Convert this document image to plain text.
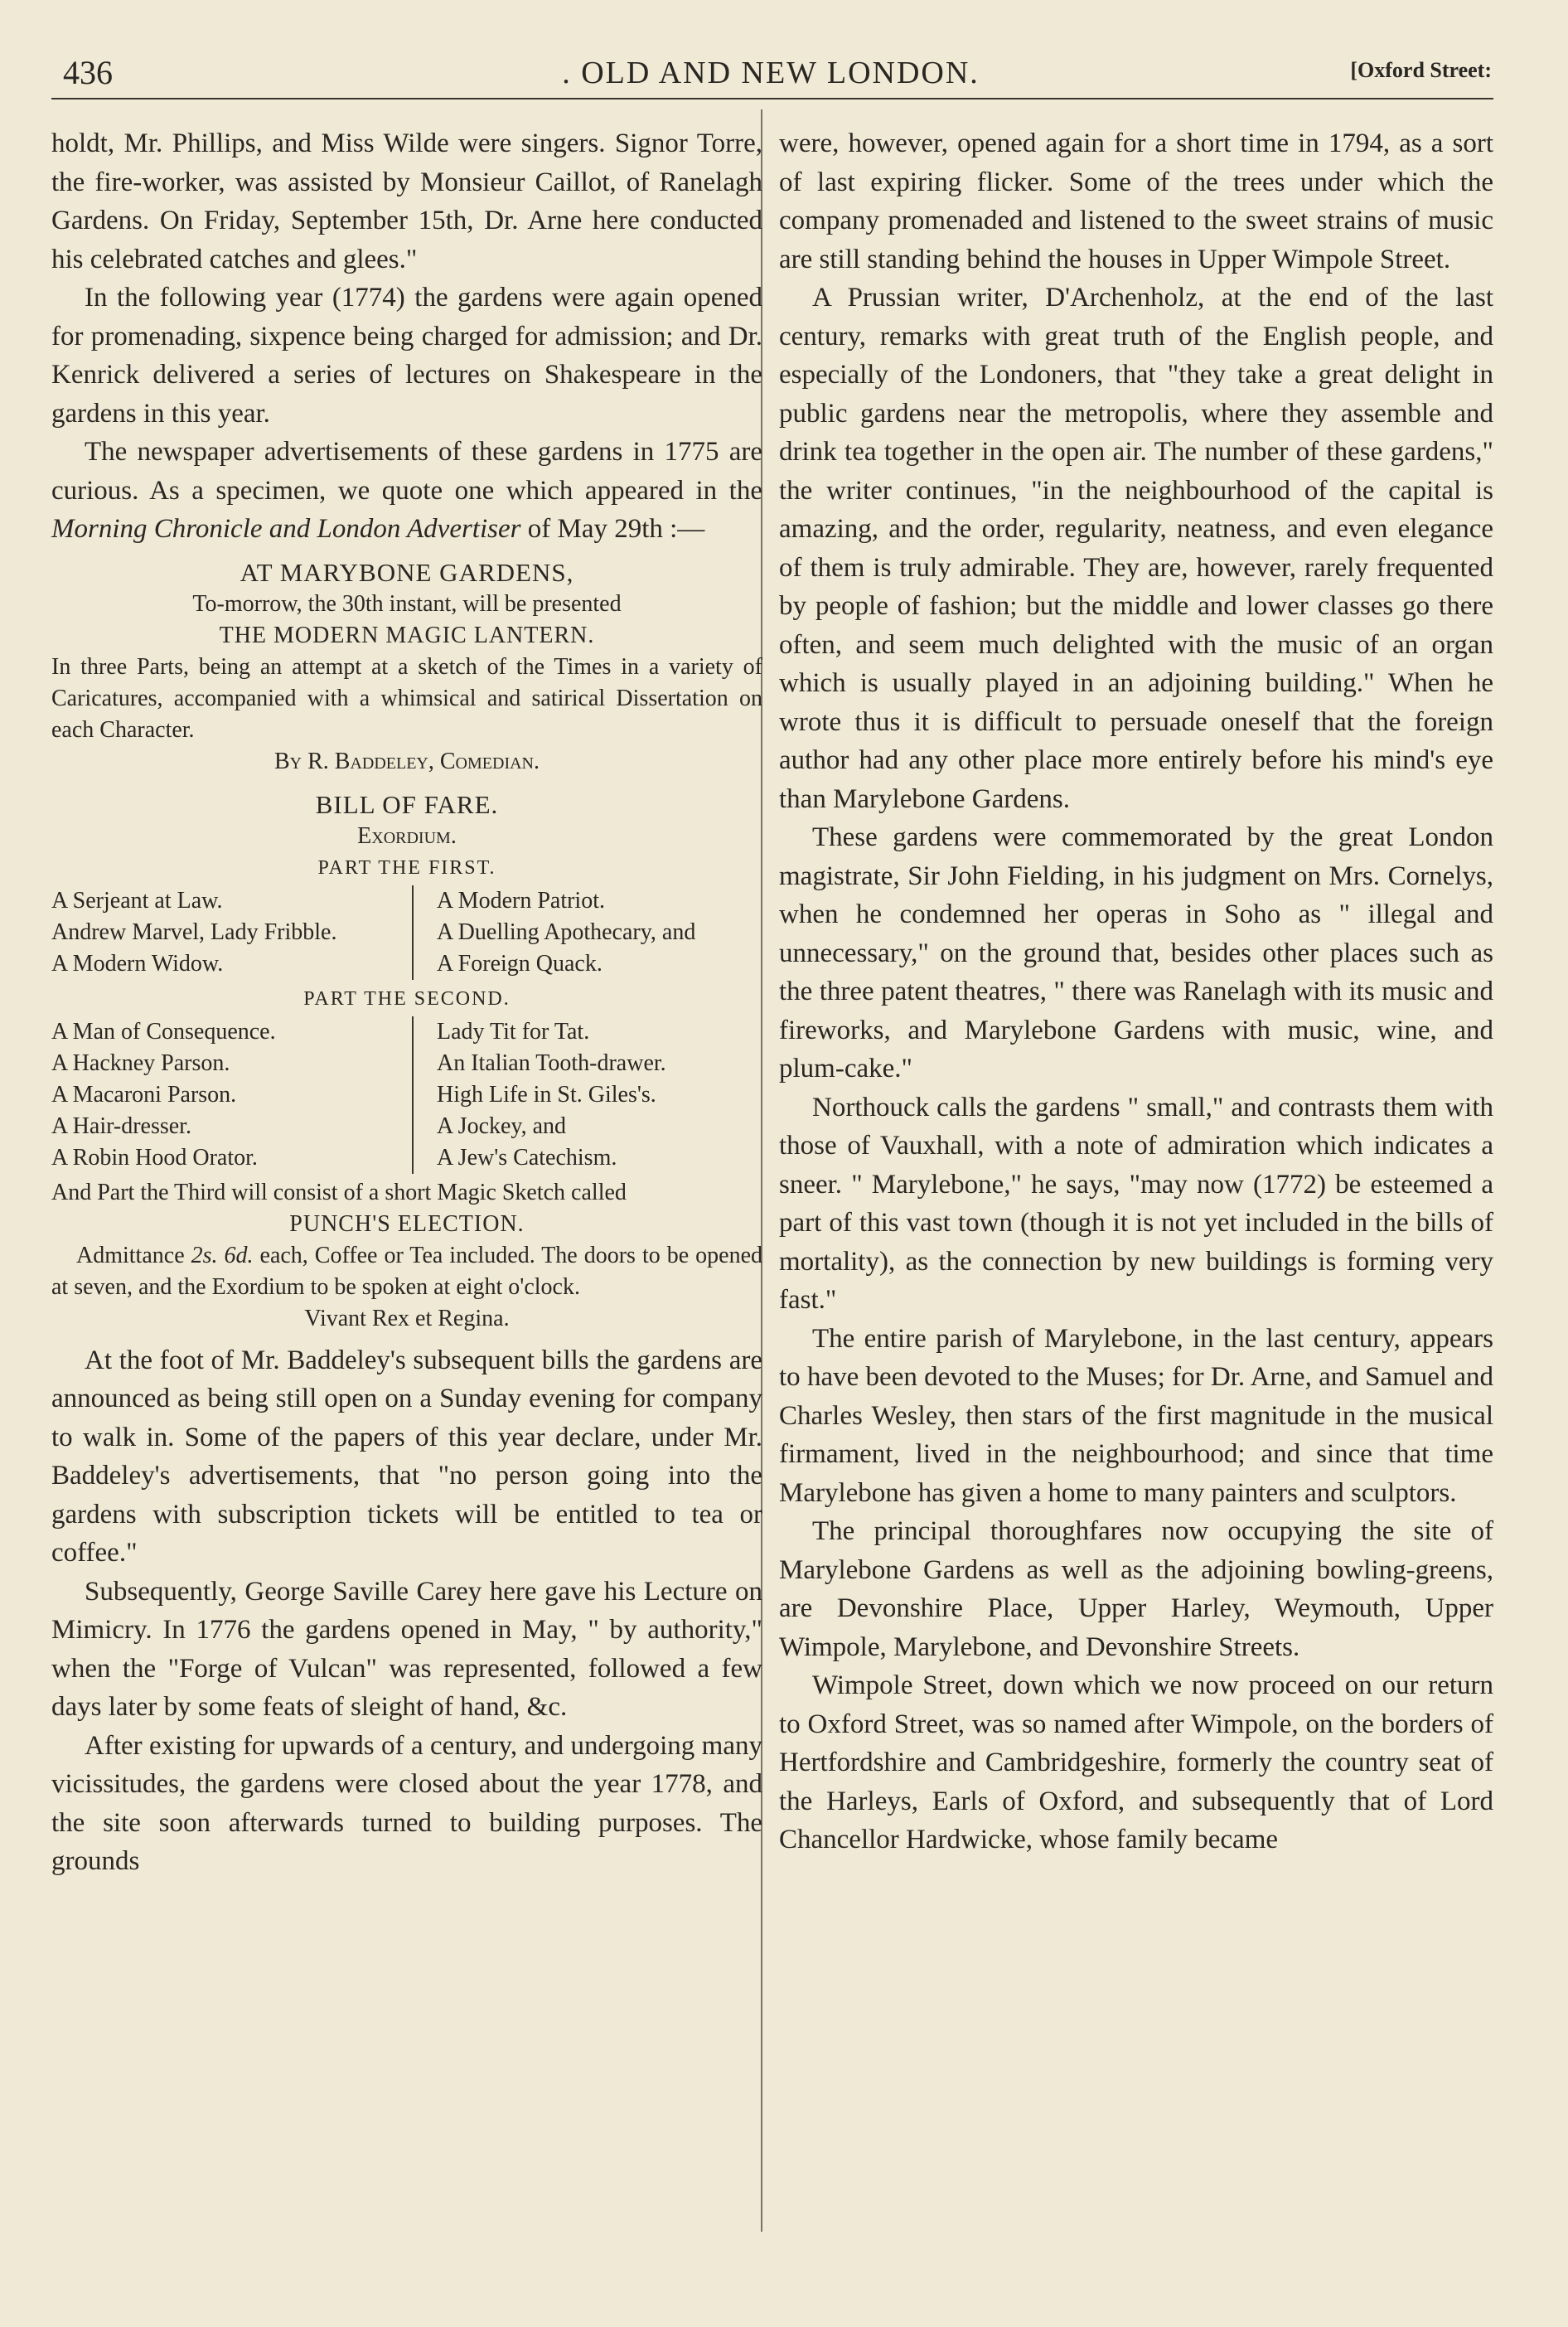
436	. OLD AND NEW LONDON.	[Oxford Street:

holdt, Mr. Phillips, and Miss Wilde were singers. Signor Torre, the fire-worker, was assisted by Monsieur Caillot, of Ranelagh Gardens. On Friday, September 15th, Dr. Arne here conducted his celebrated catches and glees."

In the following year (1774) the gardens were again opened for promenading, sixpence being charged for admission; and Dr. Kenrick delivered a series of lectures on Shakespeare in the gardens in this year.

The newspaper advertisements of these gardens in 1775 are curious. As a specimen, we quote one which appeared in the Morning Chronicle and London Advertiser of May 29th :—

AT MARYBONE GARDENS,
To-morrow, the 30th instant, will be presented
THE MODERN MAGIC LANTERN.
In three Parts, being an attempt at a sketch of the Times in a variety of Caricatures, accompanied with a whimsical and satirical Dissertation on each Character.
By R. Baddeley, Comedian.
BILL OF FARE.
Exordium.
PART THE FIRST.
A Serjeant at Law.
Andrew Marvel, Lady Fribble.
A Modern Widow.
A Modern Patriot.
A Duelling Apothecary, and
A Foreign Quack.
PART THE SECOND.
A Man of Consequence.
A Hackney Parson.
A Macaroni Parson.
A Hair-dresser.
A Robin Hood Orator.
Lady Tit for Tat.
An Italian Tooth-drawer.
High Life in St. Giles's.
A Jockey, and
A Jew's Catechism.
And Part the Third will consist of a short Magic Sketch called
PUNCH'S ELECTION.
Admittance 2s. 6d. each, Coffee or Tea included. The doors to be opened at seven, and the Exordium to be spoken at eight o'clock.
Vivant Rex et Regina.

At the foot of Mr. Baddeley's subsequent bills the gardens are announced as being still open on a Sunday evening for company to walk in. Some of the papers of this year declare, under Mr. Baddeley's advertisements, that "no person going into the gardens with subscription tickets will be entitled to tea or coffee."

Subsequently, George Saville Carey here gave his Lecture on Mimicry. In 1776 the gardens opened in May, " by authority," when the "Forge of Vulcan" was represented, followed a few days later by some feats of sleight of hand, &c.

After existing for upwards of a century, and undergoing many vicissitudes, the gardens were closed about the year 1778, and the site soon afterwards turned to building purposes. The grounds

were, however, opened again for a short time in 1794, as a sort of last expiring flicker. Some of the trees under which the company promenaded and listened to the sweet strains of music are still standing behind the houses in Upper Wimpole Street.

A Prussian writer, D'Archenholz, at the end of the last century, remarks with great truth of the English people, and especially of the Londoners, that "they take a great delight in public gardens near the metropolis, where they assemble and drink tea together in the open air. The number of these gardens," the writer continues, "in the neighbourhood of the capital is amazing, and the order, regularity, neatness, and even elegance of them is truly admirable. They are, however, rarely frequented by people of fashion; but the middle and lower classes go there often, and seem much delighted with the music of an organ which is usually played in an adjoining building." When he wrote thus it is difficult to persuade oneself that the foreign author had any other place more entirely before his mind's eye than Marylebone Gardens.

These gardens were commemorated by the great London magistrate, Sir John Fielding, in his judgment on Mrs. Cornelys, when he condemned her operas in Soho as " illegal and unnecessary," on the ground that, besides other places such as the three patent theatres, " there was Ranelagh with its music and fireworks, and Marylebone Gardens with music, wine, and plum-cake."

Northouck calls the gardens " small," and contrasts them with those of Vauxhall, with a note of admiration which indicates a sneer. " Marylebone," he says, "may now (1772) be esteemed a part of this vast town (though it is not yet included in the bills of mortality), as the connection by new buildings is forming very fast."

The entire parish of Marylebone, in the last century, appears to have been devoted to the Muses; for Dr. Arne, and Samuel and Charles Wesley, then stars of the first magnitude in the musical firmament, lived in the neighbourhood; and since that time Marylebone has given a home to many painters and sculptors.

The principal thoroughfares now occupying the site of Marylebone Gardens as well as the adjoining bowling-greens, are Devonshire Place, Upper Harley, Weymouth, Upper Wimpole, Marylebone, and Devonshire Streets.

Wimpole Street, down which we now proceed on our return to Oxford Street, was so named after Wimpole, on the borders of Hertfordshire and Cambridgeshire, formerly the country seat of the Harleys, Earls of Oxford, and subsequently that of Lord Chancellor Hardwicke, whose family became
